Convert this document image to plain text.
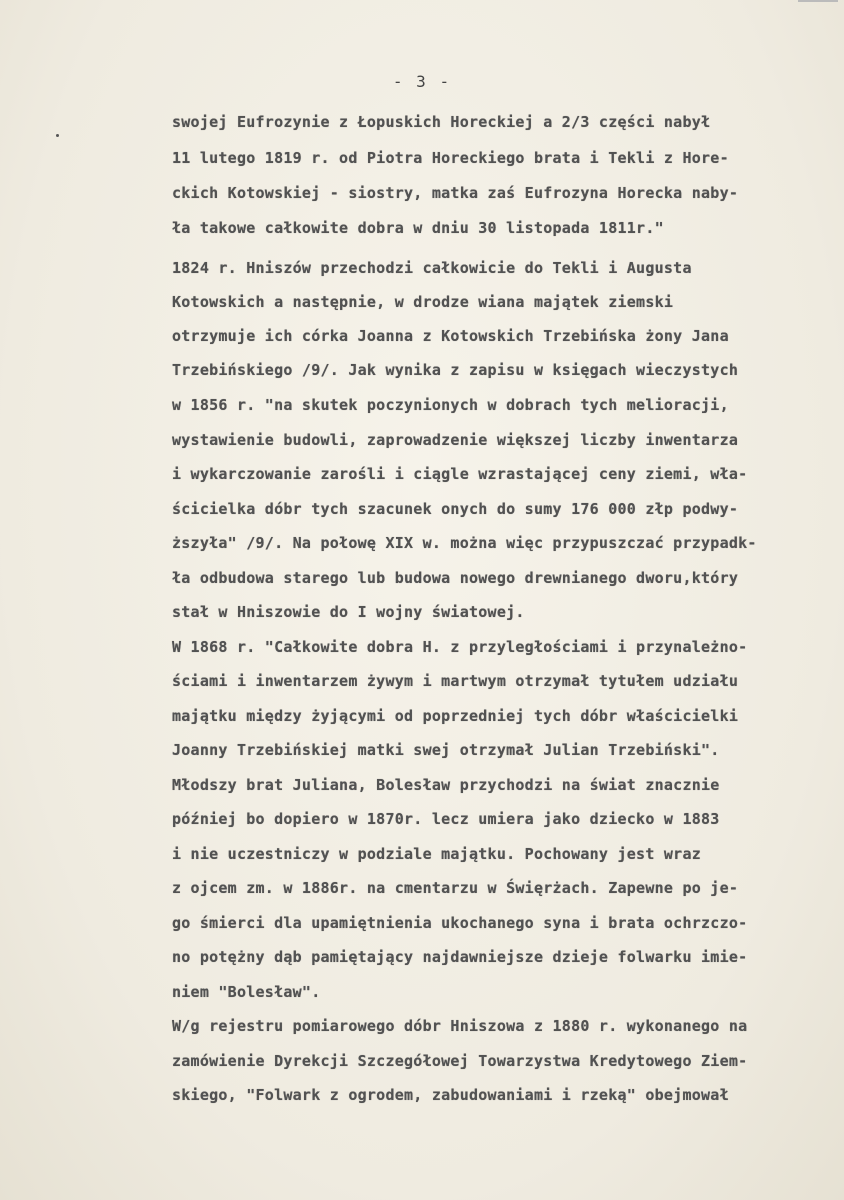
- 3 -
swojej Eufrozynie z Łopuskich Horeckiej a 2/3 części nabył
11 lutego 1819 r. od Piotra Horeckiego brata i Tekli z Hore-
ckich Kotowskiej - siostry, matka zaś Eufrozyna Horecka naby-
ła takowe całkowite dobra w dniu 30 listopada 1811r."
1824 r. Hniszów przechodzi całkowicie do Tekli i Augusta
Kotowskich a następnie, w drodze wiana majątek ziemski
otrzymuje ich córka Joanna z Kotowskich Trzebińska żony Jana
Trzebińskiego /9/. Jak wynika z zapisu w księgach wieczystych
w 1856 r. "na skutek poczynionych w dobrach tych melioracji,
wystawienie budowli, zaprowadzenie większej liczby inwentarza
i wykarczowanie zarośli i ciągle wzrastającej ceny ziemi, wła-
ścicielka dóbr tych szacunek onych do sumy 176 000 złp podwy-
ższyła" /9/. Na połowę XIX w. można więc przypuszczać przypadk-
ła odbudowa starego lub budowa nowego drewnianego dworu,który
stał w Hniszowie do I wojny światowej.
W 1868 r. "Całkowite dobra H. z przyległościami i przynależno-
ściami i inwentarzem żywym i martwym otrzymał tytułem udziału
majątku między żyjącymi od poprzedniej tych dóbr właścicielki
Joanny Trzebińskiej matki swej otrzymał Julian Trzebiński".
Młodszy brat Juliana, Bolesław przychodzi na świat znacznie
później bo dopiero w 1870r. lecz umiera jako dziecko w 1883
i nie uczestniczy w podziale majątku. Pochowany jest wraz
z ojcem zm. w 1886r. na cmentarzu w Święrżach. Zapewne po je-
go śmierci dla upamiętnienia ukochanego syna i brata ochrzczo-
no potężny dąb pamiętający najdawniejsze dzieje folwarku imie-
niem "Bolesław".
W/g rejestru pomiarowego dóbr Hniszowa z 1880 r. wykonanego na
zamówienie Dyrekcji Szczegółowej Towarzystwa Kredytowego Ziem-
skiego, "Folwark z ogrodem, zabudowaniami i rzeką" obejmował
